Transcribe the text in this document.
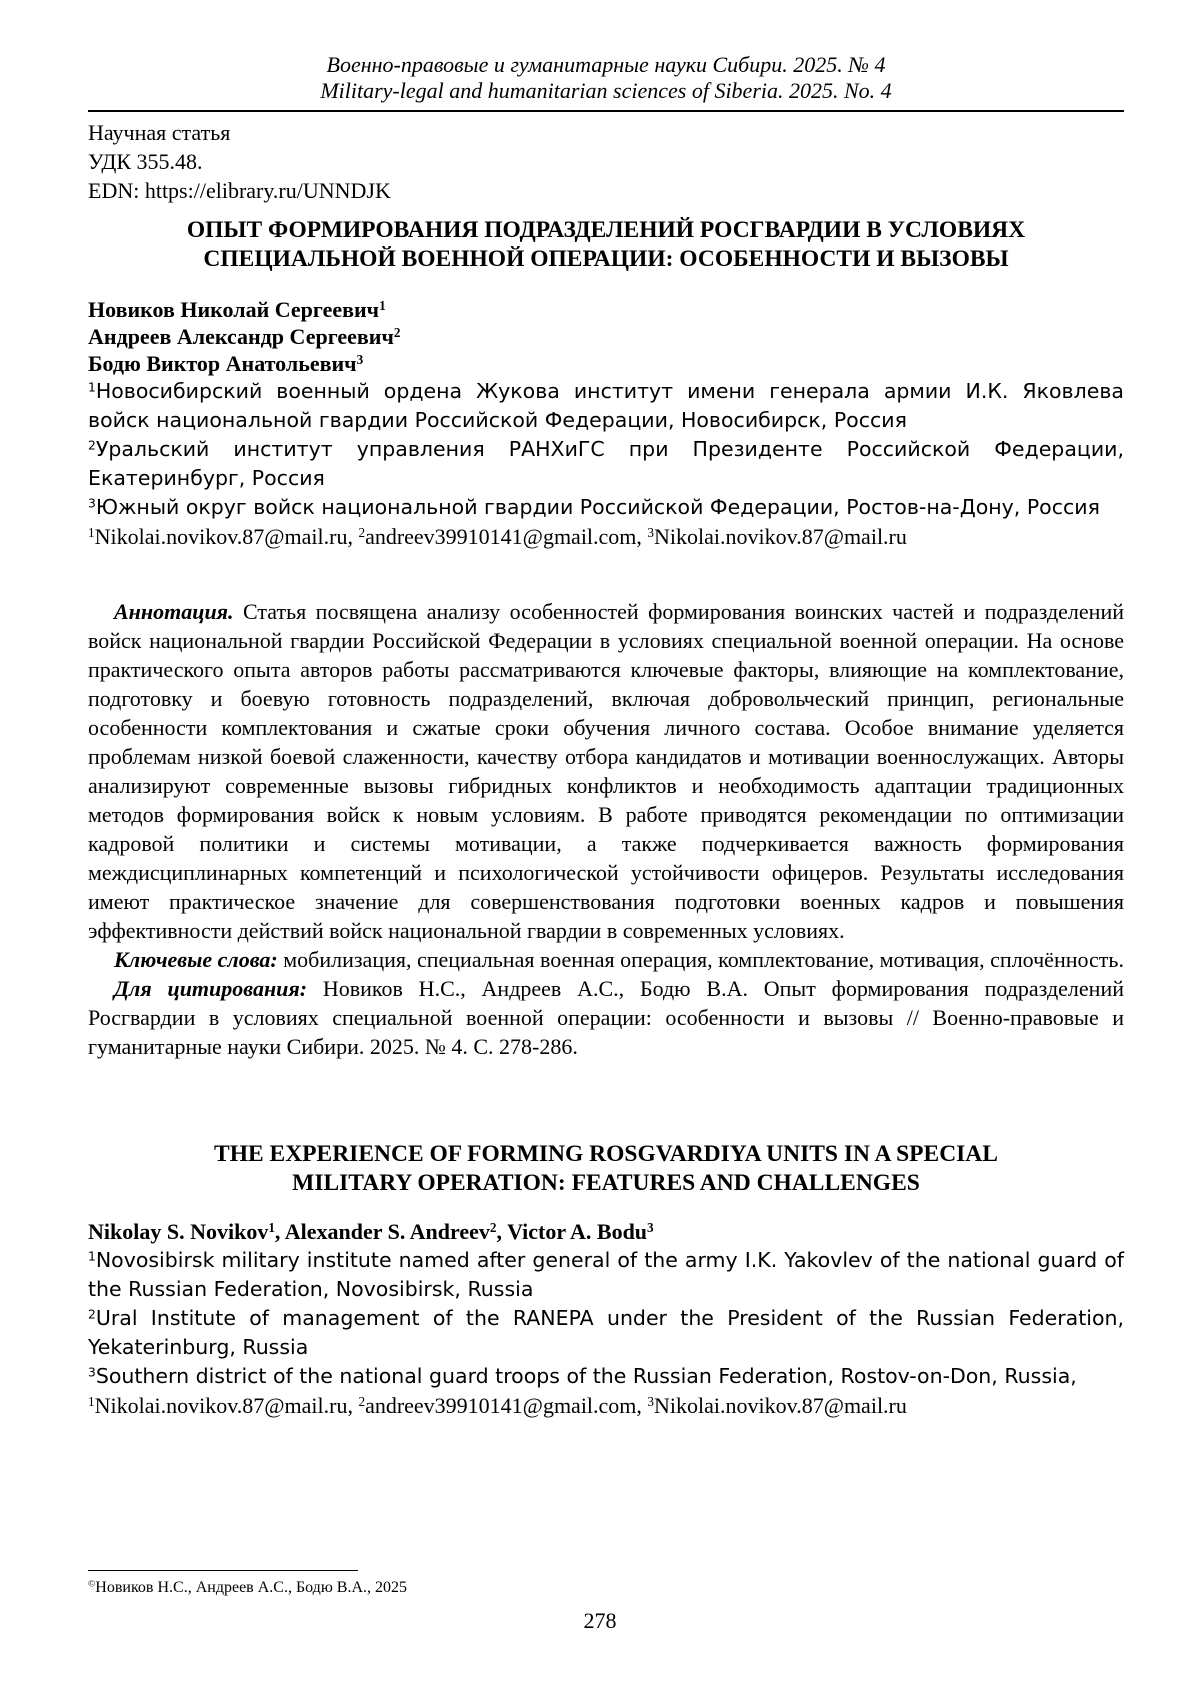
Военно-правовые и гуманитарные науки Сибири. 2025. № 4
Military-legal and humanitarian sciences of Siberia. 2025. No. 4
Научная статья
УДК 355.48.
EDN: https://elibrary.ru/UNNDJK
ОПЫТ ФОРМИРОВАНИЯ ПОДРАЗДЕЛЕНИЙ РОСГВАРДИИ В УСЛОВИЯХ
СПЕЦИАЛЬНОЙ ВОЕННОЙ ОПЕРАЦИИ: ОСОБЕННОСТИ И ВЫЗОВЫ
Новиков Николай Сергеевич$^1$
Андреев Александр Сергеевич$^2$
Бодю Виктор Анатольевич$^3$

$^1$Новосибирский военный ордена Жукова институт имени генерала армии И.К. Яковлева войск национальной гвардии Российской Федерации, Новосибирск, Россия

$^2$Уральский институт управления РАНХиГС при Президенте Российской Федерации, Екатеринбург, Россия

$^3$Южный округ войск национальной гвардии Российской Федерации, Ростов-на-Дону, Россия

$^1$Nikolai.novikov.87@mail.ru, $^2$andreev39910141@gmail.com, $^3$Nikolai.novikov.87@mail.ru

Аннотация. Статья посвящена анализу особенностей формирования воинских частей и подразделений войск национальной гвардии Российской Федерации в условиях специальной военной операции. На основе практического опыта авторов работы рассматриваются ключевые факторы, влияющие на комплектование, подготовку и боевую готовность подразделений, включая добровольческий принцип, региональные особенности комплектования и сжатые сроки обучения личного состава. Особое внимание уделяется проблемам низкой боевой слаженности, качеству отбора кандидатов и мотивации военнослужащих. Авторы анализируют современные вызовы гибридных конфликтов и необходимость адаптации традиционных методов формирования войск к новым условиям. В работе приводятся рекомендации по оптимизации кадровой политики и системы мотивации, а также подчеркивается важность формирования междисциплинарных компетенций и психологической устойчивости офицеров. Результаты исследования имеют практическое значение для совершенствования подготовки военных кадров и повышения эффективности действий войск национальной гвардии в современных условиях.

Ключевые слова: мобилизация, специальная военная операция, комплектование, мотивация, сплочённость.

Для цитирования: Новиков Н.С., Андреев А.С., Бодю В.А. Опыт формирования подразделений Росгвардии в условиях специальной военной операции: особенности и вызовы // Военно-правовые и гуманитарные науки Сибири. 2025. № 4. С. 278-286.

THE EXPERIENCE OF FORMING ROSGVARDIYA UNITS IN A SPECIAL
MILITARY OPERATION: FEATURES AND CHALLENGES
Nikolay S. Novikov$^1$, Alexander S. Andreev$^2$, Victor A. Bodu$^3$

$^1$Novosibirsk military institute named after general of the army I.K. Yakovlev of the national guard of the Russian Federation, Novosibirsk, Russia

$^2$Ural Institute of management of the RANEPA under the President of the Russian Federation, Yekaterinburg, Russia

$^3$Southern district of the national guard troops of the Russian Federation, Rostov-on-Don, Russia,

$^1$Nikolai.novikov.87@mail.ru, $^2$andreev39910141@gmail.com, $^3$Nikolai.novikov.87@mail.ru

©Новиков Н.С., Андреев А.С., Бодю В.А., 2025
278
